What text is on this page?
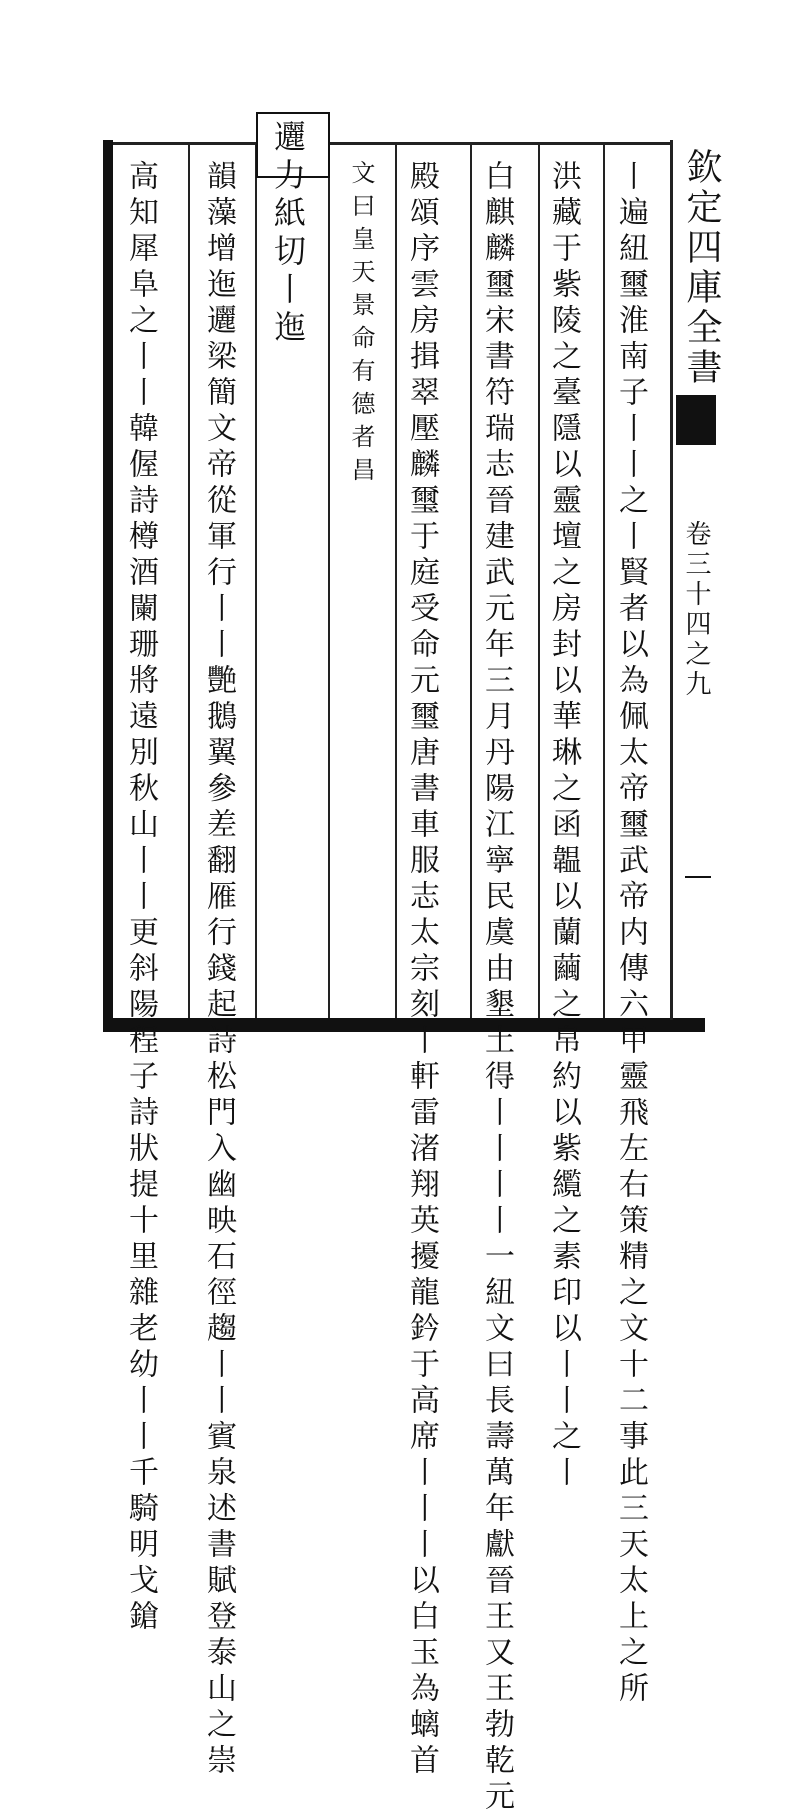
欽定四庫全書
卷三十四之九
丨遍紐璽淮南子丨丨之丨賢者以為佩太帝璽武帝内傳六甲靈飛左右策精之文十二事此三天太上之所
洪藏于紫陵之臺隱以靈壇之房封以華琳之函韞以蘭繭之帛約以紫䌫之素印以丨丨之丨
白麒麟璽宋書符瑞志晉建武元年三月丹陽江寧民虞由墾土得丨丨丨丨一紐文曰長壽萬年獻晉王又王勃乾元
殿頌序雲房揖翠壓麟璽于庭受命元璽唐書車服志太宗刻丨軒雷渚翔英擾龍鈐于高席丨丨丨以白玉為螭首
文曰皇天景命有德者昌
邐力紙切丨迤
韻藻增迤邐梁簡文帝從軍行丨丨艷鵝翼參差翻雁行錢起詩松門入幽映石徑趨丨丨賓泉述書賦登泰山之崇
高知犀阜之丨丨韓偓詩樽酒闌珊將遠別秋山丨丨更斜陽程子詩狀提十里雜老幼丨丨千騎明戈鎗
